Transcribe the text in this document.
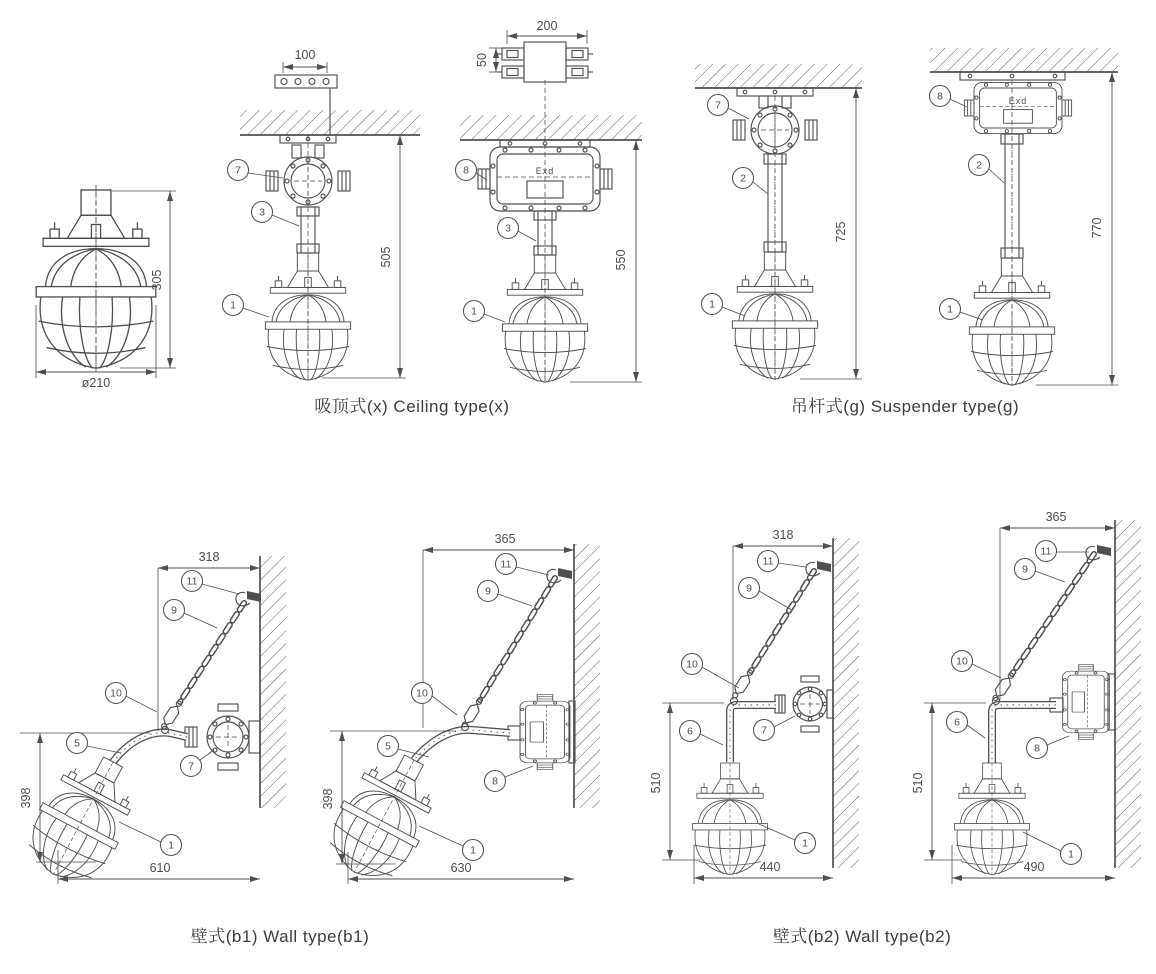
305
ø210
100
505
7
3
1
Exd
200
50
550
8
3
1
725
7
2
1
Exd
770
8
2
1
吸顶式(x) Ceiling type(x)	吊杆式(g) Suspender type(g)
318
398
610
11
9
10
5
7
1
365
398
630
11
9
10
5
8
1
318
510
440
11
9
10
6	7
1
365
510
490
11
9
10
6
8
1
壁式(b1) Wall type(b1)	壁式(b2) Wall type(b2)
